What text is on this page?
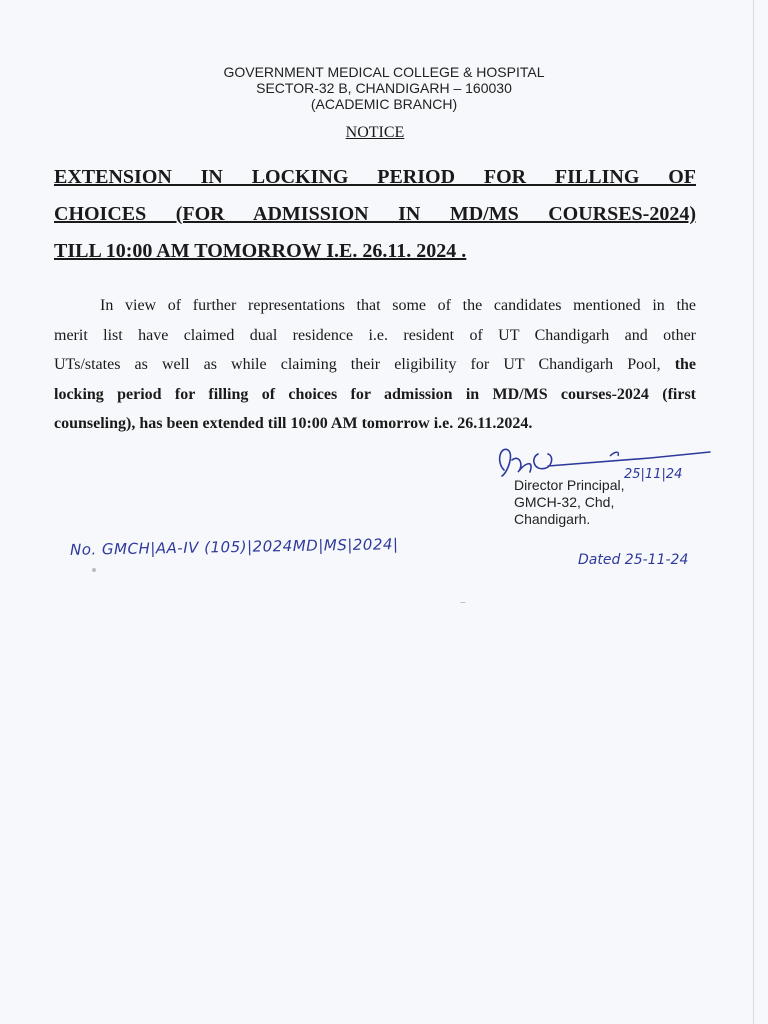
GOVERNMENT MEDICAL COLLEGE & HOSPITAL
SECTOR-32 B, CHANDIGARH – 160030
(ACADEMIC BRANCH)
NOTICE
EXTENSION IN LOCKING PERIOD FOR FILLING OF
CHOICES (FOR ADMISSION IN MD/MS COURSES-2024)
TILL 10:00 AM TOMORROW I.E. 26.11. 2024 .
In view of further representations that some of the candidates mentioned in the
merit list have claimed dual residence i.e. resident of UT Chandigarh and other
UTs/states as well as while claiming their eligibility for UT Chandigarh Pool, the
locking period for filling of choices for admission in MD/MS courses-2024 (first
counseling), has been extended till 10:00 AM tomorrow i.e. 26.11.2024.
25|11|24
Director Principal,
GMCH-32, Chd,
Chandigarh.
No. GMCH|AA-IV (105)|2024MD|MS|2024|
Dated 25-11-24
